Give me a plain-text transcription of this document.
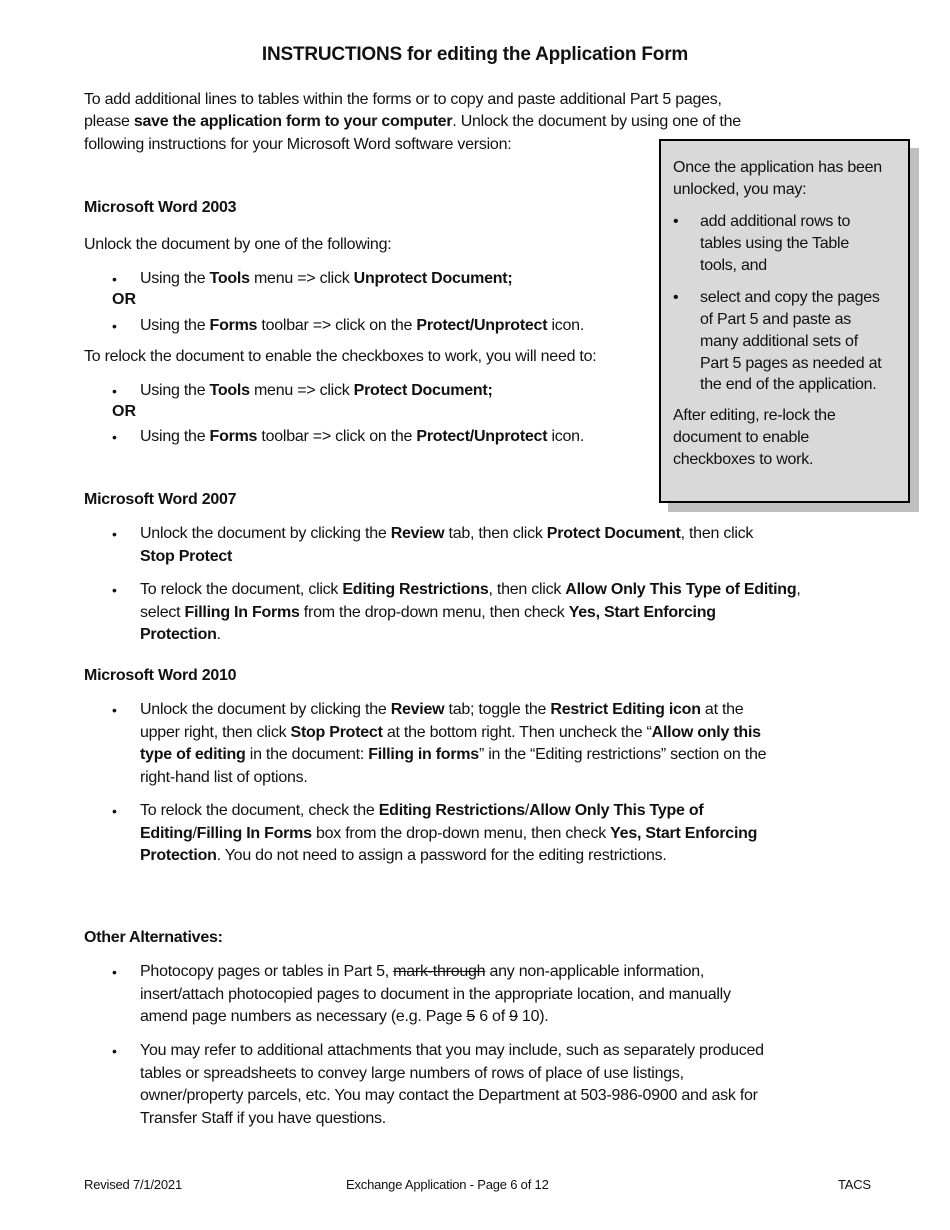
INSTRUCTIONS for editing the Application Form
To add additional lines to tables within the forms or to copy and paste additional Part 5 pages,
please save the application form to your computer. Unlock the document by using one of the
following instructions for your Microsoft Word software version:
Once the application has been
unlocked, you may:
• add additional rows to
tables using the Table
tools, and
• select and copy the pages
of Part 5 and paste as
many additional sets of
Part 5 pages as needed at
the end of the application.
After editing, re-lock the
document to enable
checkboxes to work.
Microsoft Word 2003
Unlock the document by one of the following:
• Using the Tools menu => click Unprotect Document;
OR
• Using the Forms toolbar => click on the Protect/Unprotect icon.
To relock the document to enable the checkboxes to work, you will need to:
• Using the Tools menu => click Protect Document;
OR
• Using the Forms toolbar => click on the Protect/Unprotect icon.
Microsoft Word 2007
• Unlock the document by clicking the Review tab, then click Protect Document, then click
Stop Protect
• To relock the document, click Editing Restrictions, then click Allow Only This Type of Editing,
select Filling In Forms from the drop-down menu, then check Yes, Start Enforcing
Protection.
Microsoft Word 2010
• Unlock the document by clicking the Review tab; toggle the Restrict Editing icon at the
upper right, then click Stop Protect at the bottom right. Then uncheck the “Allow only this
type of editing in the document: Filling in forms” in the “Editing restrictions” section on the
right-hand list of options.
• To relock the document, check the Editing Restrictions/Allow Only This Type of
Editing/Filling In Forms box from the drop-down menu, then check Yes, Start Enforcing
Protection. You do not need to assign a password for the editing restrictions.
Other Alternatives:
• Photocopy pages or tables in Part 5, mark-through any non-applicable information,
insert/attach photocopied pages to document in the appropriate location, and manually
amend page numbers as necessary (e.g. Page 5 6 of 9 10).
• You may refer to additional attachments that you may include, such as separately produced
tables or spreadsheets to convey large numbers of rows of place of use listings,
owner/property parcels, etc. You may contact the Department at 503-986-0900 and ask for
Transfer Staff if you have questions.
Revised 7/1/2021	Exchange Application - Page 6 of 12	TACS
